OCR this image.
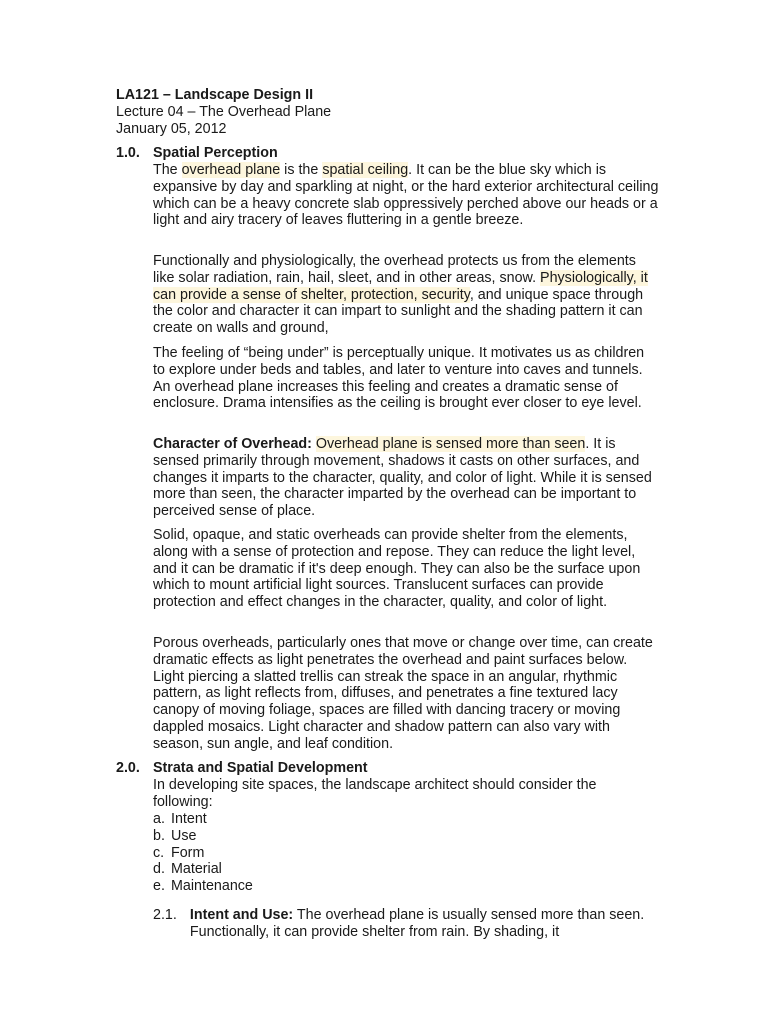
LA121 – Landscape Design II
Lecture 04 – The Overhead Plane
January 05, 2012
1.0. Spatial Perception

The overhead plane is the spatial ceiling. It can be the blue sky which is expansive by day and sparkling at night, or the hard exterior architectural ceiling which can be a heavy concrete slab oppressively perched above our heads or a light and airy tracery of leaves fluttering in a gentle breeze.

Functionally and physiologically, the overhead protects us from the elements like solar radiation, rain, hail, sleet, and in other areas, snow. Physiologically, it can provide a sense of shelter, protection, security, and unique space through the color and character it can impart to sunlight and the shading pattern it can create on walls and ground,

The feeling of “being under” is perceptually unique. It motivates us as children to explore under beds and tables, and later to venture into caves and tunnels. An overhead plane increases this feeling and creates a dramatic sense of enclosure. Drama intensifies as the ceiling is brought ever closer to eye level.

Character of Overhead: Overhead plane is sensed more than seen. It is sensed primarily through movement, shadows it casts on other surfaces, and changes it imparts to the character, quality, and color of light. While it is sensed more than seen, the character imparted by the overhead can be important to perceived sense of place.

Solid, opaque, and static overheads can provide shelter from the elements, along with a sense of protection and repose. They can reduce the light level, and it can be dramatic if it's deep enough. They can also be the surface upon which to mount artificial light sources. Translucent surfaces can provide protection and effect changes in the character, quality, and color of light.

Porous overheads, particularly ones that move or change over time, can create dramatic effects as light penetrates the overhead and paint surfaces below. Light piercing a slatted trellis can streak the space in an angular, rhythmic pattern, as light reflects from, diffuses, and penetrates a fine textured lacy canopy of moving foliage, spaces are filled with dancing tracery or moving dappled mosaics. Light character and shadow pattern can also vary with season, sun angle, and leaf condition.

2.0. Strata and Spatial Development

In developing site spaces, the landscape architect should consider the following:

a. Intent
b. Use
c. Form
d. Material
e. Maintenance
2.1. Intent and Use: The overhead plane is usually sensed more than seen. Functionally, it can provide shelter from rain. By shading, it
